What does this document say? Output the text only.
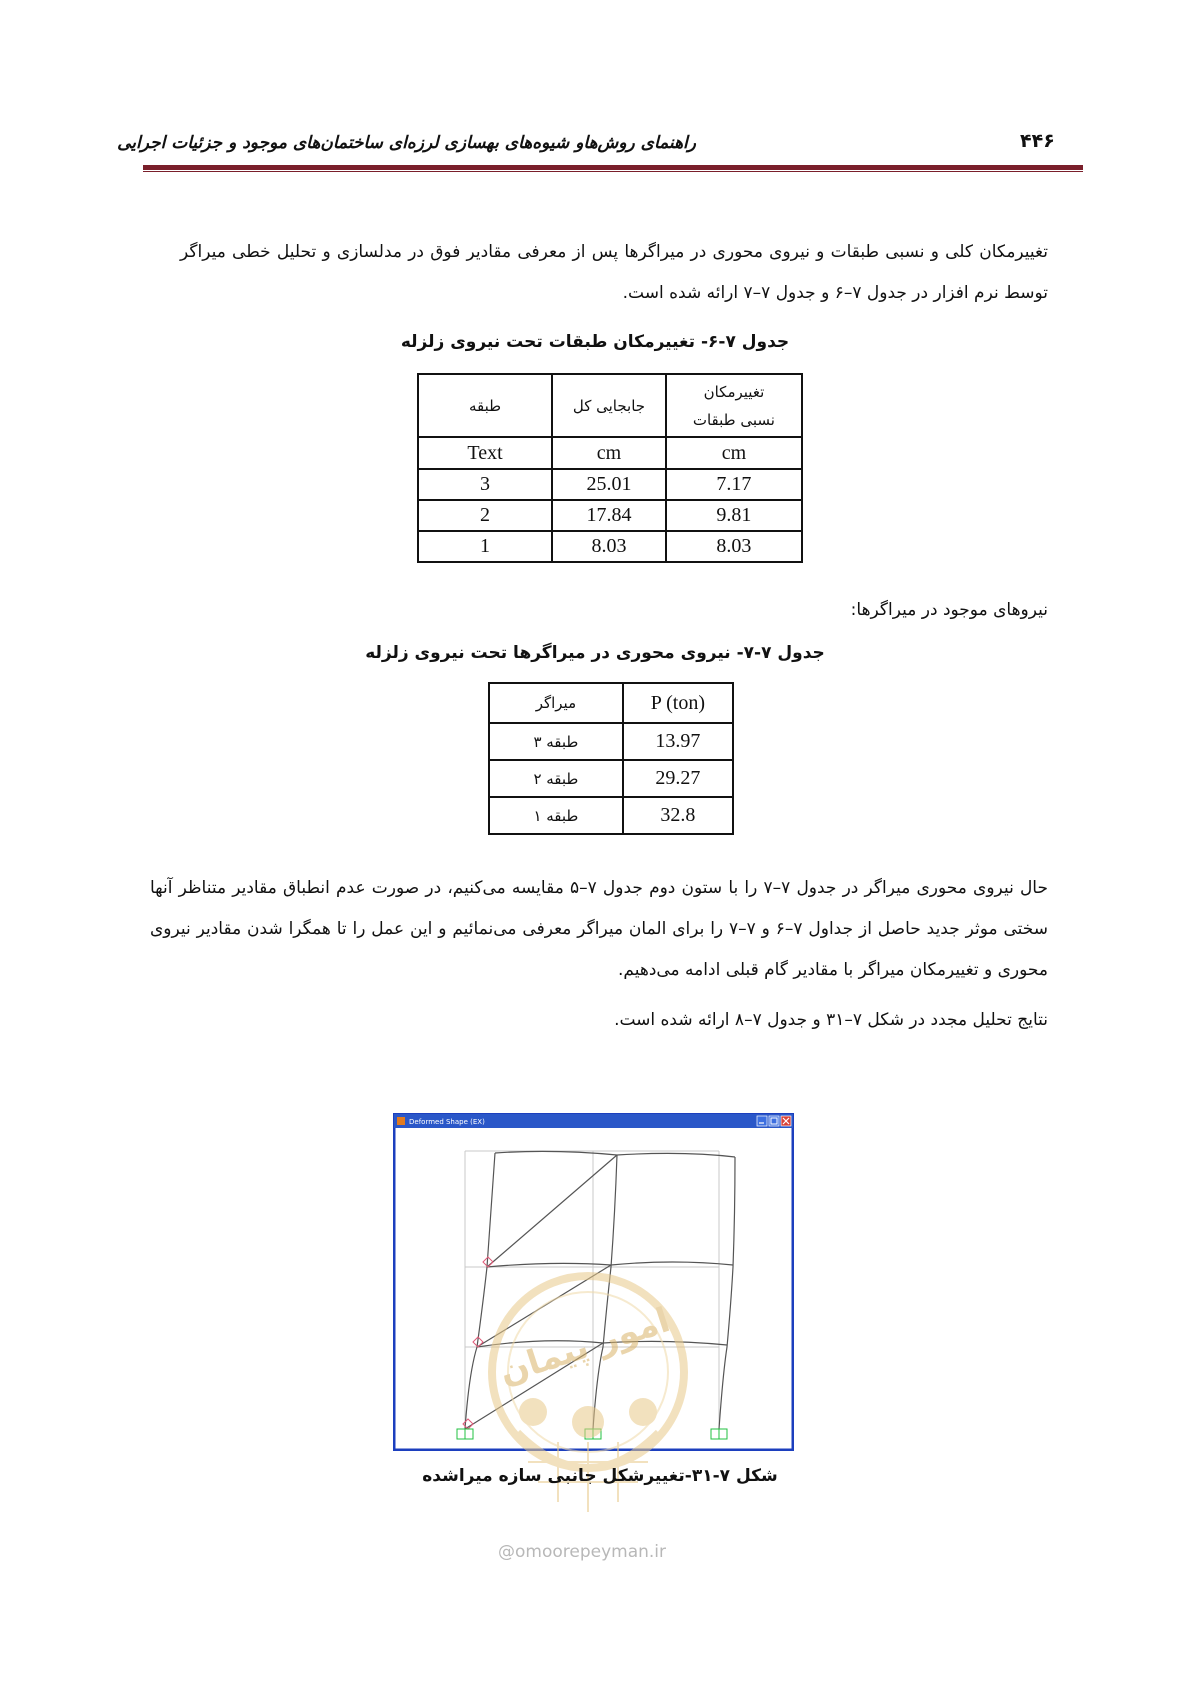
۴۴۶
راهنمای روش‌هاو شیوه‌های بهسازی لرزه‌ای ساختمان‌های موجود و جزئیات اجرایی
تغییرمکان کلی و نسبی طبقات و نیروی محوری در میراگرها پس از معرفی مقادیر فوق در مدلسازی و تحلیل خطی میراگر توسط نرم افزار در جدول ۷–۶ و جدول ۷–۷ ارائه شده است.
جدول ۷-۶- تغییرمکان طبقات تحت نیروی زلزله
طبقه	جابجایی کل	تغییرمکان نسبی طبقات
Text	cm	cm
3	25.01	7.17
2	17.84	9.81
1	8.03	8.03
نیروهای موجود در میراگرها:
جدول ۷-۷- نیروی محوری در میراگرها تحت نیروی زلزله
میراگر	P (ton)
طبقه ۳	13.97
طبقه ۲	29.27
طبقه ۱	32.8
حال نیروی محوری میراگر در جدول ۷–۷ را با ستون دوم جدول ۷–۵ مقایسه می‌کنیم، در صورت عدم انطباق مقادیر متناظر آنها سختی موثر جدید حاصل از جداول ۷–۶ و ۷–۷ را برای المان میراگر معرفی می‌نمائیم و این عمل را تا همگرا شدن مقادیر نیروی محوری و تغییرمکان میراگر با مقادیر گام قبلی ادامه می‌دهیم.
نتایج تحلیل مجدد در شکل ۷–۳۱ و جدول ۷–۸ ارائه شده است.
Deformed Shape (EX)
امور پیمان
شکل ۷-۳۱-تغییرشکل جانبی سازه میراشده
@omoorepeyman.ir
